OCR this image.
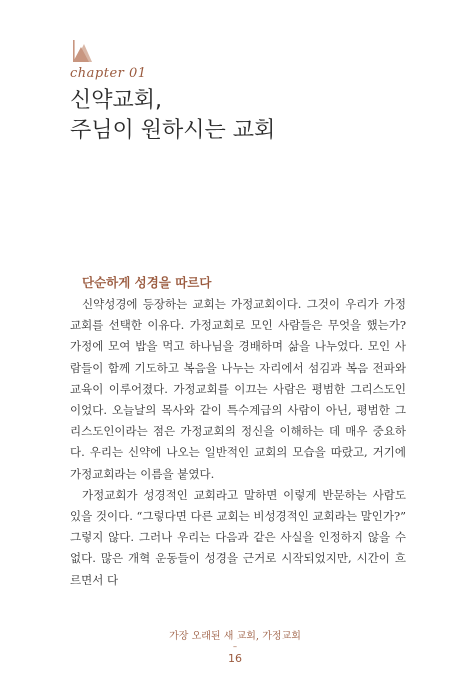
chapter 01
신약교회,
주님이 원하시는 교회
단순하게 성경을 따르다

신약성경에 등장하는 교회는 가정교회이다. 그것이 우리가 가정교회를 선택한 이유다. 가정교회로 모인 사람들은 무엇을 했는가? 가정에 모여 밥을 먹고 하나님을 경배하며 삶을 나누었다. 모인 사람들이 함께 기도하고 복음을 나누는 자리에서 섬김과 복음 전파와 교육이 이루어졌다. 가정교회를 이끄는 사람은 평범한 그리스도인이었다. 오늘날의 목사와 같이 특수계급의 사람이 아닌, 평범한 그리스도인이라는 점은 가정교회의 정신을 이해하는 데 매우 중요하다. 우리는 신약에 나오는 일반적인 교회의 모습을 따랐고, 거기에 가정교회라는 이름을 붙였다.

가정교회가 성경적인 교회라고 말하면 이렇게 반문하는 사람도 있을 것이다. “그렇다면 다른 교회는 비성경적인 교회라는 말인가?” 그렇지 않다. 그러나 우리는 다음과 같은 사실을 인정하지 않을 수 없다. 많은 개혁 운동들이 성경을 근거로 시작되었지만, 시간이 흐르면서 다

가장 오래된 새 교회, 가정교회
–
16
